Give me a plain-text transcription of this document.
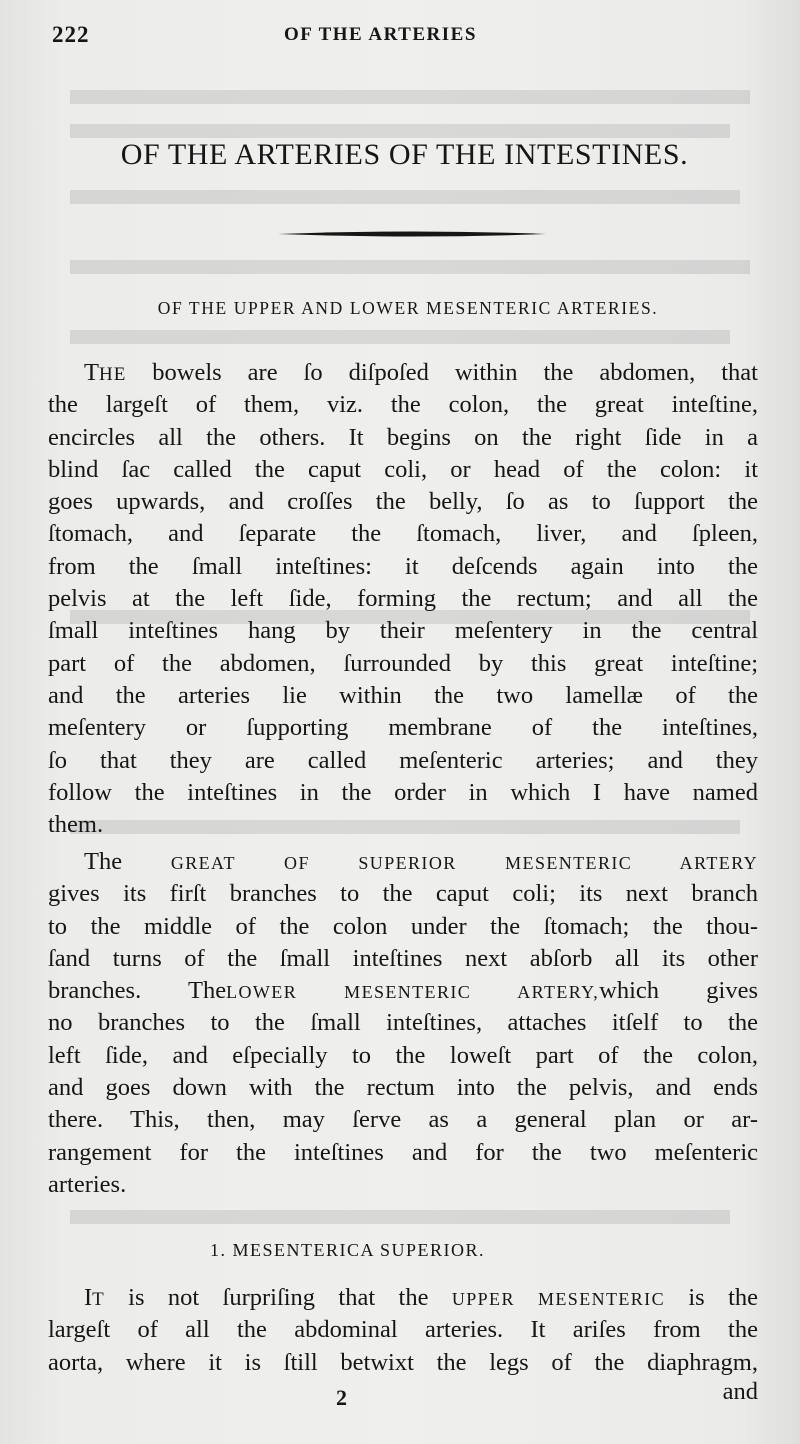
222	OF THE ARTERIES
OF THE ARTERIES OF THE INTESTINES.
OF THE UPPER AND LOWER MESENTERIC ARTERIES.
THE bowels are ſo diſpoſed within the abdomen, that
the largeſt of them, viz. the colon, the great inteſtine,
encircles all the others. It begins on the right ſide in a
blind ſac called the caput coli, or head of the colon: it
goes upwards, and croſſes the belly, ſo as to ſupport the
ſtomach, and ſeparate the ſtomach, liver, and ſpleen,
from the ſmall inteſtines: it deſcends again into the
pelvis at the left ſide, forming the rectum; and all the
ſmall inteſtines hang by their meſentery in the central
part of the abdomen, ſurrounded by this great inteſtine;
and the arteries lie within the two lamellæ of the
meſentery or ſupporting membrane of the inteſtines,
ſo that they are called meſenteric arteries; and they
follow the inteſtines in the order in which I have named
them.
The	GREAT OF SUPERIOR MESENTERIC ARTERY
gives its firſt branches to the caput coli; its next branch
to the middle of the colon under the ſtomach; the thou-
ſand turns of the ſmall inteſtines next abſorb all its other
branches. TheLOWER MESENTERIC ARTERY,which gives
no branches to the ſmall inteſtines, attaches itſelf to the
left ſide, and eſpecially to the loweſt part of the colon,
and goes down with the rectum into the pelvis, and ends
there. This, then, may ſerve as a general plan or ar-
rangement for the inteſtines and for the two meſenteric
arteries.
1. MESENTERICA SUPERIOR.
IT is not ſurpriſing that the UPPER MESENTERIC is the
largeſt of all the abdominal arteries. It ariſes from the
aorta, where it is ſtill betwixt the legs of the diaphragm,
2	and
